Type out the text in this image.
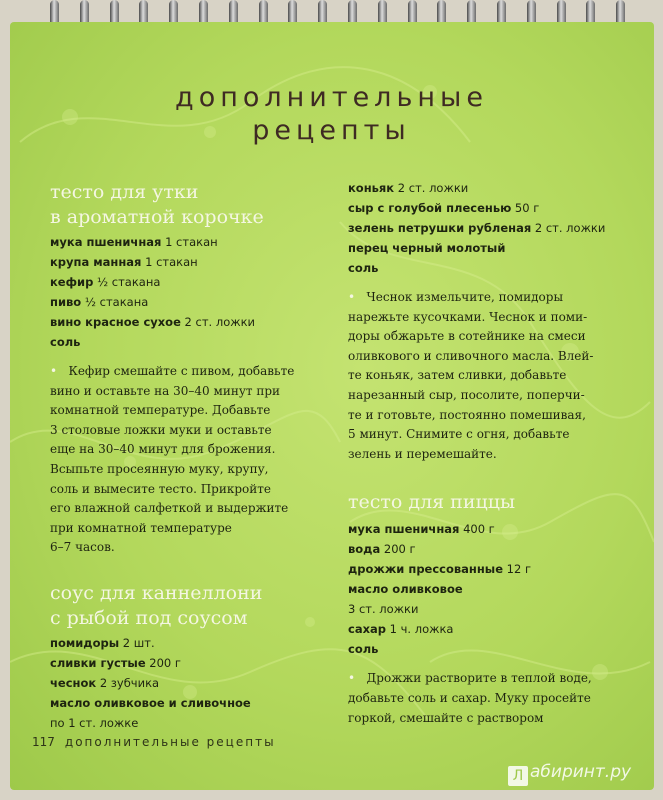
дополнительные
рецепты
тесто для утки
в ароматной корочке
мука пшеничная 1 стакан
крупа манная 1 стакан
кефир ½ стакана
пиво ½ стакана
вино красное сухое 2 ст. ложки
соль
• Кефир смешайте с пивом, добавьте
вино и оставьте на 30–40 минут при
комнатной температуре. Добавьте
3 столовые ложки муки и оставьте
еще на 30–40 минут для брожения.
Всыпьте просеянную муку, крупу,
соль и вымесите тесто. Прикройте
его влажной салфеткой и выдержите
при комнатной температуре
6–7 часов.
соус для каннеллони
с рыбой под соусом
помидоры 2 шт.
сливки густые 200 г
чеснок 2 зубчика
масло оливковое и сливочное
по 1 ст. ложке
коньяк 2 ст. ложки
сыр с голубой плесенью 50 г
зелень петрушки рубленая 2 ст. ложки
перец черный молотый
соль
• Чеснок измельчите, помидоры
нарежьте кусочками. Чеснок и поми-
доры обжарьте в сотейнике на смеси
оливкового и сливочного масла. Влей-
те коньяк, затем сливки, добавьте
нарезанный сыр, посолите, поперчи-
те и готовьте, постоянно помешивая,
5 минут. Снимите с огня, добавьте
зелень и перемешайте.
тесто для пиццы
мука пшеничная 400 г
вода 200 г
дрожжи прессованные 12 г
масло оливковое
3 ст. ложки
сахар 1 ч. ложка
соль
• Дрожжи растворите в теплой воде,
добавьте соль и сахар. Муку просейте
горкой, смешайте с раствором
117 дополнительные рецепты
Л абиринт.ру
